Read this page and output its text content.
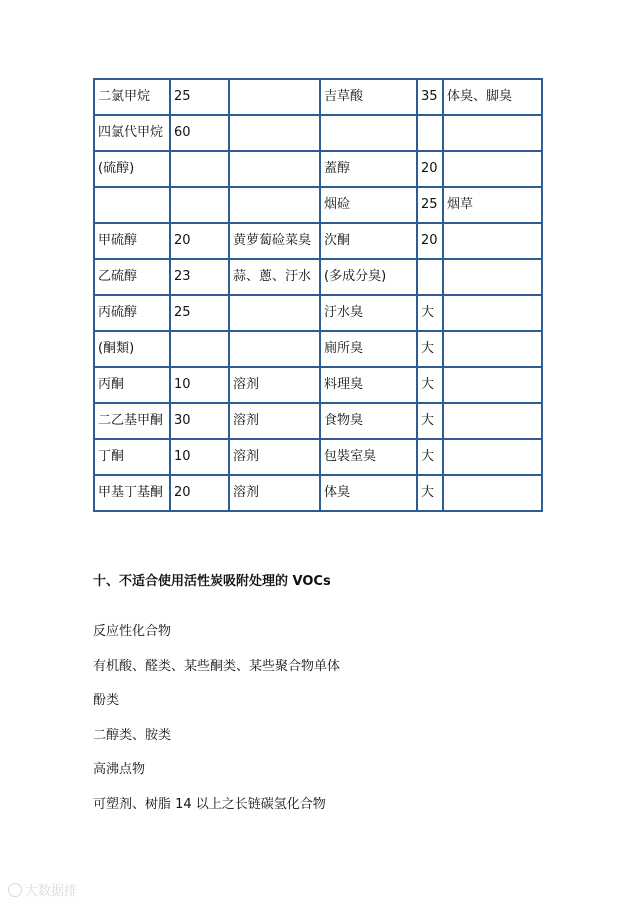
二氯甲烷	25		吉草酸	35	体臭、脚臭
四氯代甲烷	60				
(硫醇)			蓋醇	20	
			烟硷	25	烟草
甲硫醇	20	黄萝蔔硷菜臭	㳄酮	20	
乙硫醇	23	蒜、蔥、汙水	(多成分臭)		
丙硫醇	25		汙水臭	大	
(酮類)			廁所臭	大	
丙酮	10	溶剂	料理臭	大	
二乙基甲酮	30	溶剂	食物臭	大	
丁酮	10	溶剂	包裝室臭	大	
甲基丁基酮	20	溶剂	体臭	大	

十、不适合使用活性炭吸附处理的 VOCs

反应性化合物
有机酸、醛类、某些酮类、某些聚合物单体
酚类
二醇类、胺类
高沸点物
可塑剂、树脂 14 以上之长链碳氢化合物
大数据排
